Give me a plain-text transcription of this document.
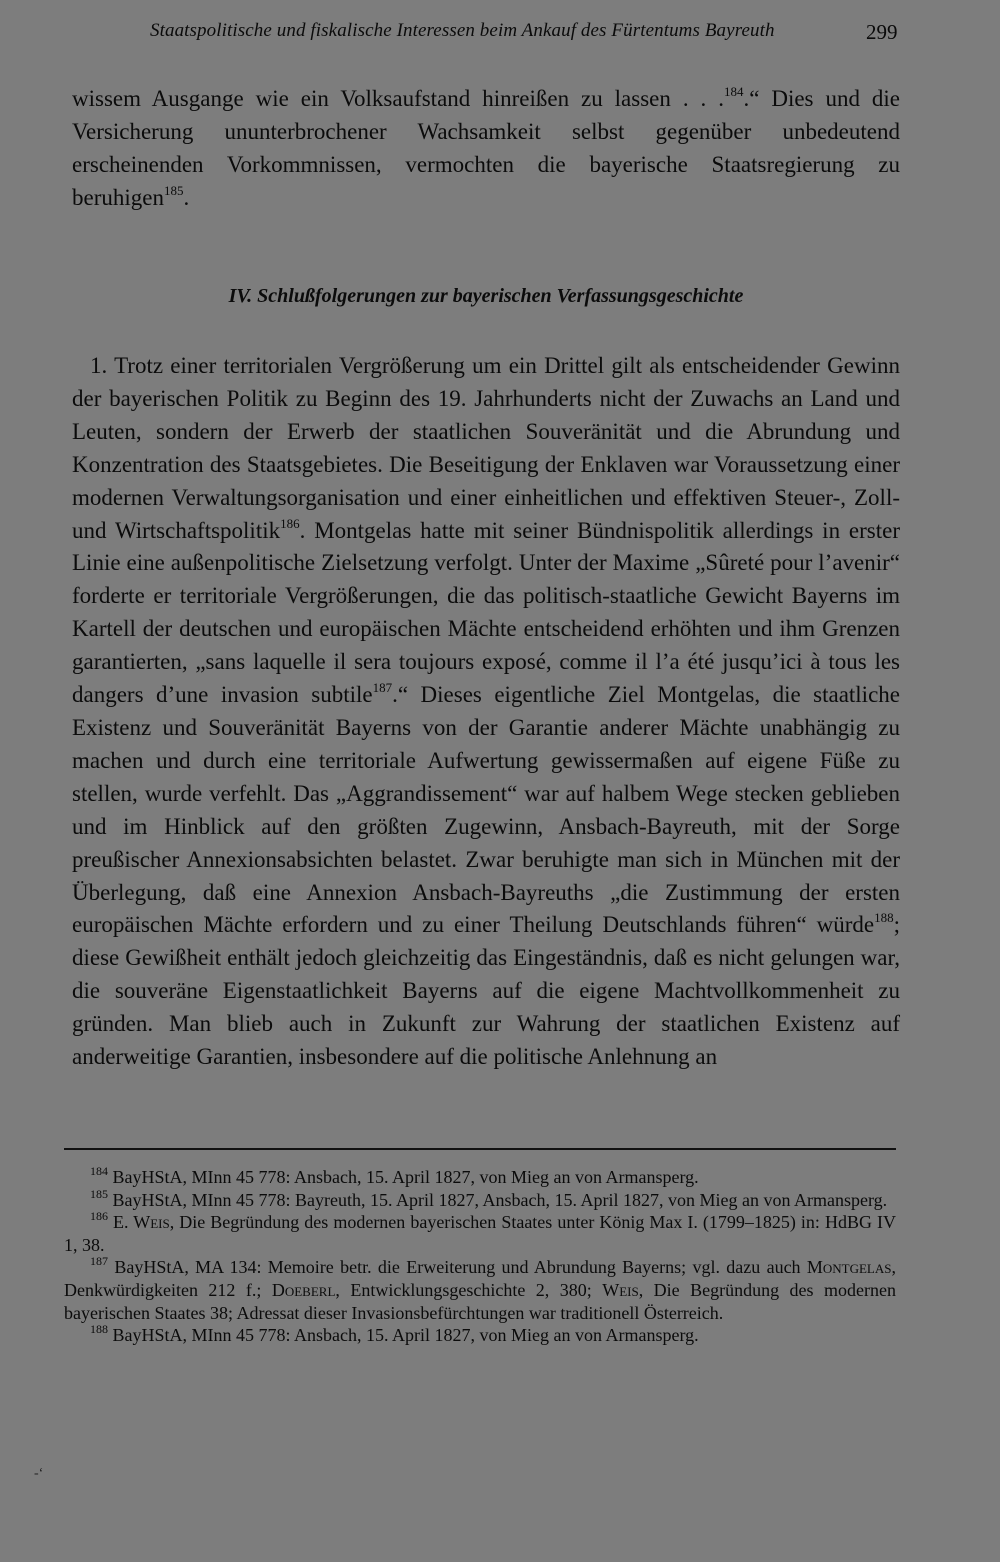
Staatspolitische und fiskalische Interessen beim Ankauf des Fürtentums Bayreuth	299

wissem Ausgange wie ein Volksaufstand hinreißen zu lassen . . .$^{184}$.“ Dies und die Versicherung ununterbrochener Wachsamkeit selbst gegenüber unbedeutend erscheinenden Vorkommnissen, vermochten die bayerische Staatsregierung zu beruhigen$^{185}$.

IV. Schlußfolgerungen zur bayerischen Verfassungsgeschichte

1. Trotz einer territorialen Vergrößerung um ein Drittel gilt als entscheidender Gewinn der bayerischen Politik zu Beginn des 19. Jahrhunderts nicht der Zuwachs an Land und Leuten, sondern der Erwerb der staatlichen Souveränität und die Abrundung und Konzentration des Staatsgebietes. Die Beseitigung der Enklaven war Voraussetzung einer modernen Verwaltungsorganisation und einer einheitlichen und effektiven Steuer-, Zoll- und Wirtschaftspolitik$^{186}$. Montgelas hatte mit seiner Bündnispolitik allerdings in erster Linie eine außenpolitische Zielsetzung verfolgt. Unter der Maxime „Sûreté pour l’avenir“ forderte er territoriale Vergrößerungen, die das politisch-staatliche Gewicht Bayerns im Kartell der deutschen und europäischen Mächte entscheidend erhöhten und ihm Grenzen garantierten, „sans laquelle il sera toujours exposé, comme il l’a été jusqu’ici à tous les dangers d’une invasion subtile$^{187}$.“ Dieses eigentliche Ziel Montgelas, die staatliche Existenz und Souveränität Bayerns von der Garantie anderer Mächte unabhängig zu machen und durch eine territoriale Aufwertung gewissermaßen auf eigene Füße zu stellen, wurde verfehlt. Das „Aggrandissement“ war auf halbem Wege stecken geblieben und im Hinblick auf den größten Zugewinn, Ansbach-Bayreuth, mit der Sorge preußischer Annexionsabsichten belastet. Zwar beruhigte man sich in München mit der Überlegung, daß eine Annexion Ansbach-Bayreuths „die Zustimmung der ersten europäischen Mächte erfordern und zu einer Theilung Deutschlands führen“ würde$^{188}$; diese Gewißheit enthält jedoch gleichzeitig das Eingeständnis, daß es nicht gelungen war, die souveräne Eigenstaatlichkeit Bayerns auf die eigene Machtvollkommenheit zu gründen. Man blieb auch in Zukunft zur Wahrung der staatlichen Existenz auf anderweitige Garantien, insbesondere auf die politische Anlehnung an

$^{184}$ BayHStA, MInn 45 778: Ansbach, 15. April 1827, von Mieg an von Armansperg.

$^{185}$ BayHStA, MInn 45 778: Bayreuth, 15. April 1827, Ansbach, 15. April 1827, von Mieg an von Armansperg.

$^{186}$ E. Weis, Die Begründung des modernen bayerischen Staates unter König Max I. (1799–1825) in: HdBG IV 1, 38.

$^{187}$ BayHStA, MA 134: Memoire betr. die Erweiterung und Abrundung Bayerns; vgl. dazu auch Montgelas, Denkwürdigkeiten 212 f.; Doeberl, Entwicklungsgeschichte 2, 380; Weis, Die Begründung des modernen bayerischen Staates 38; Adressat dieser Invasionsbefürchtungen war traditionell Österreich.

$^{188}$ BayHStA, MInn 45 778: Ansbach, 15. April 1827, von Mieg an von Armansperg.

-‘
